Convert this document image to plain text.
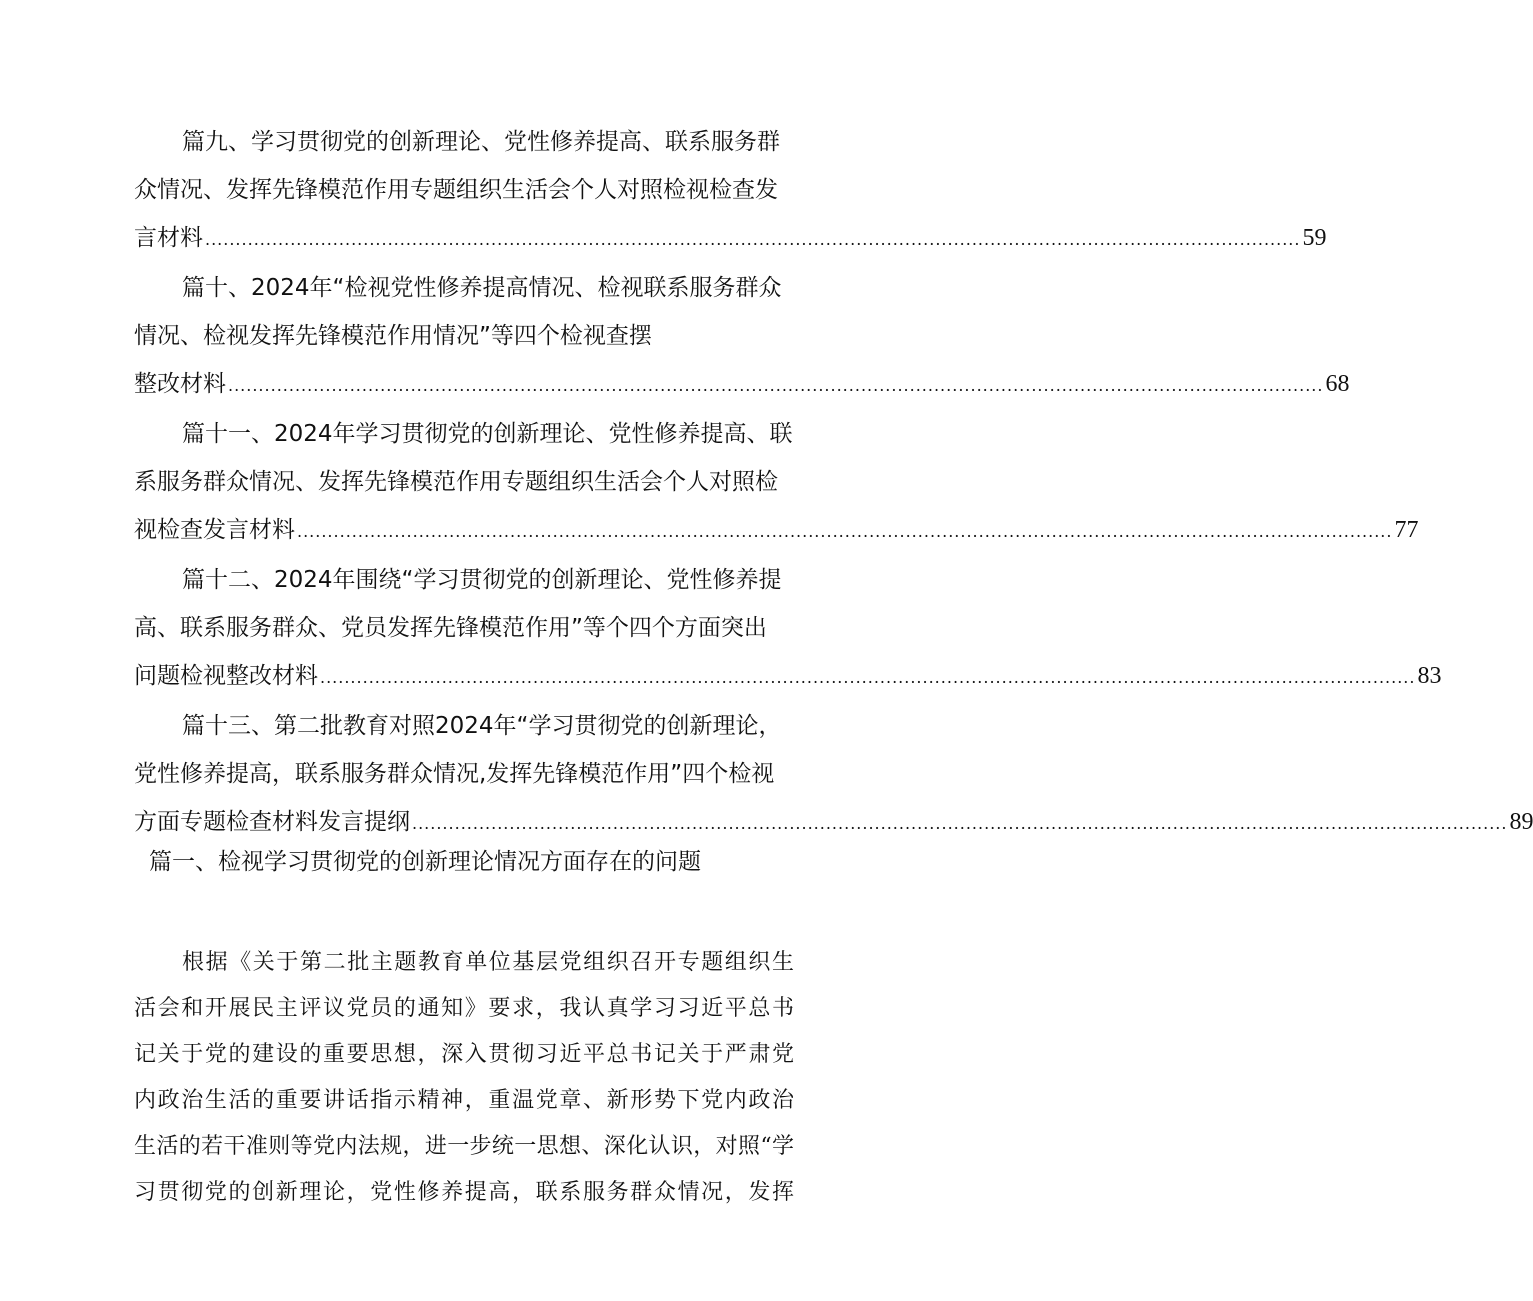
篇九、学习贯彻党的创新理论、党性修养提高、联系服务群
众情况、发挥先锋模范作用专题组织生活会个人对照检视检查发
言材料 .................................................................................................................................................................................... 59
篇十、2024年“检视党性修养提高情况、检视联系服务群众
情况、检视发挥先锋模范作用情况”等四个检视查摆
整改材料 .................................................................................................................................................................................... 68
篇十一、2024年学习贯彻党的创新理论、党性修养提高、联
系服务群众情况、发挥先锋模范作用专题组织生活会个人对照检
视检查发言材料 .................................................................................................................................................................................... 77
篇十二、2024年围绕“学习贯彻党的创新理论、党性修养提
高、联系服务群众、党员发挥先锋模范作用”等个四个方面突出
问题检视整改材料 .................................................................................................................................................................................... 83
篇十三、第二批教育对照2024年“学习贯彻党的创新理论，
党性修养提高，联系服务群众情况,发挥先锋模范作用”四个检视
方面专题检查材料发言提纲 .................................................................................................................................................................................... 89
篇一、检视学习贯彻党的创新理论情况方面存在的问题
根据《关于第二批主题教育单位基层党组织召开专题组织生
活会和开展民主评议党员的通知》要求，我认真学习习近平总书
记关于党的建设的重要思想，深入贯彻习近平总书记关于严肃党
内政治生活的重要讲话指示精神，重温党章、新形势下党内政治
生活的若干准则等党内法规，进一步统一思想、深化认识，对照“学
习贯彻党的创新理论，党性修养提高，联系服务群众情况，发挥
